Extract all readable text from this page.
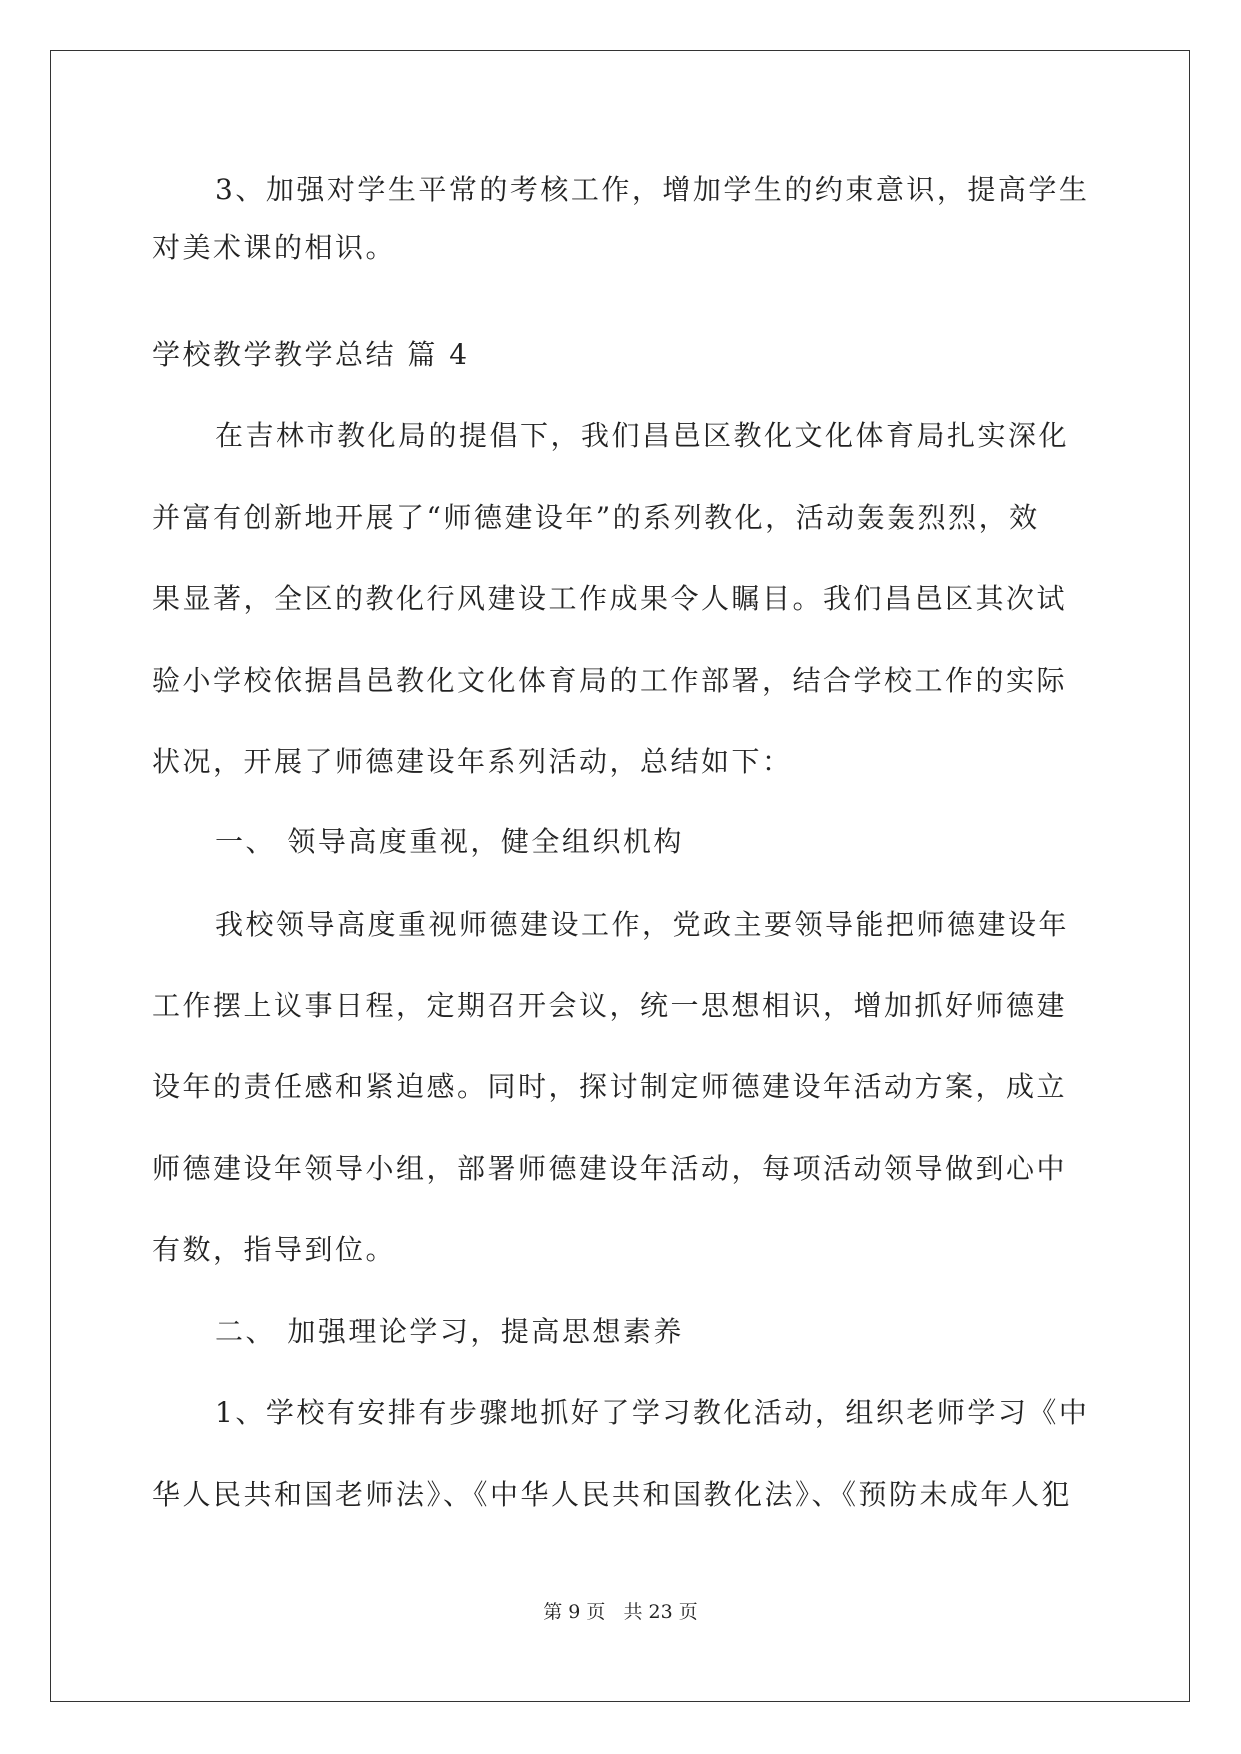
3、加强对学生平常的考核工作，增加学生的约束意识，提高学生
对美术课的相识。
学校教学教学总结 篇 4
在吉林市教化局的提倡下，我们昌邑区教化文化体育局扎实深化
并富有创新地开展了“师德建设年”的系列教化，活动轰轰烈烈，效
果显著，全区的教化行风建设工作成果令人瞩目。我们昌邑区其次试
验小学校依据昌邑教化文化体育局的工作部署，结合学校工作的实际
状况，开展了师德建设年系列活动，总结如下：
一、 领导高度重视，健全组织机构
我校领导高度重视师德建设工作，党政主要领导能把师德建设年
工作摆上议事日程，定期召开会议，统一思想相识，增加抓好师德建
设年的责任感和紧迫感。同时，探讨制定师德建设年活动方案，成立
师德建设年领导小组，部署师德建设年活动，每项活动领导做到心中
有数，指导到位。
二、 加强理论学习，提高思想素养
1、学校有安排有步骤地抓好了学习教化活动，组织老师学习《中
华人民共和国老师法》、《中华人民共和国教化法》、《预防未成年人犯
第 9 页   共 23 页
